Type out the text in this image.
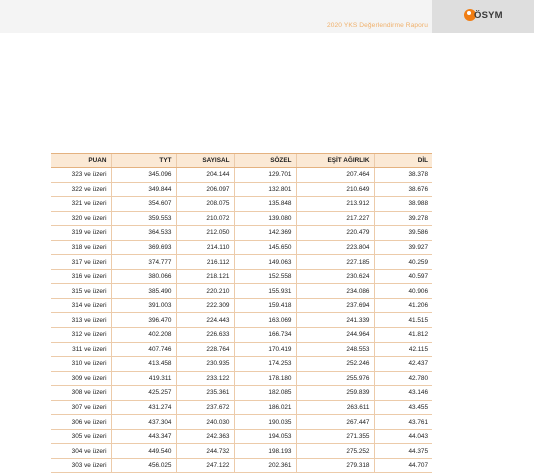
2020 YKS Değerlendirme Raporu
ÖSYM
PUAN	TYT	SAYISAL	SÖZEL	EŞİT AĞIRLIK	DİL
323 ve üzeri	345.096	204.144	129.701	207.464	38.378
322 ve üzeri	349.844	206.097	132.801	210.649	38.676
321 ve üzeri	354.607	208.075	135.848	213.912	38.988
320 ve üzeri	359.553	210.072	139.080	217.227	39.278
319 ve üzeri	364.533	212.050	142.369	220.479	39.586
318 ve üzeri	369.693	214.110	145.650	223.804	39.927
317 ve üzeri	374.777	216.112	149.063	227.185	40.259
316 ve üzeri	380.066	218.121	152.558	230.624	40.597
315 ve üzeri	385.490	220.210	155.931	234.086	40.906
314 ve üzeri	391.003	222.309	159.418	237.694	41.206
313 ve üzeri	396.470	224.443	163.069	241.339	41.515
312 ve üzeri	402.208	226.633	166.734	244.964	41.812
311 ve üzeri	407.746	228.764	170.419	248.553	42.115
310 ve üzeri	413.458	230.935	174.253	252.246	42.437
309 ve üzeri	419.311	233.122	178.180	255.976	42.780
308 ve üzeri	425.257	235.361	182.085	259.839	43.146
307 ve üzeri	431.274	237.672	186.021	263.611	43.455
306 ve üzeri	437.304	240.030	190.035	267.447	43.761
305 ve üzeri	443.347	242.363	194.053	271.355	44.043
304 ve üzeri	449.540	244.732	198.193	275.252	44.375
303 ve üzeri	456.025	247.122	202.361	279.318	44.707
